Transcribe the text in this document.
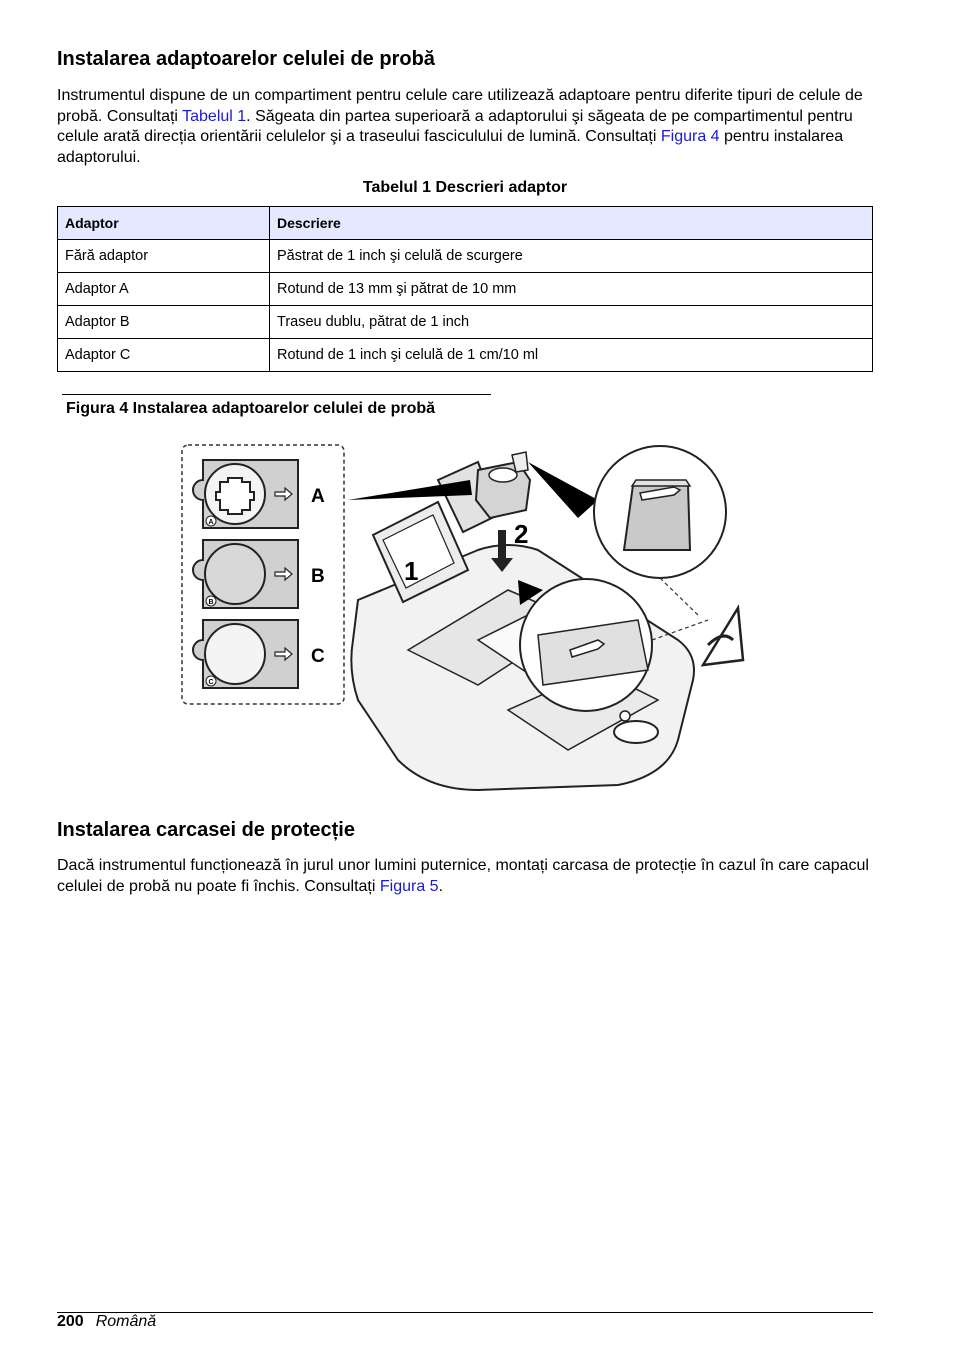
Instalarea adaptoarelor celulei de probă
Instrumentul dispune de un compartiment pentru celule care utilizează adaptoare pentru diferite tipuri de celule de probă. Consultați Tabelul 1. Săgeata din partea superioară a adaptorului şi săgeata de pe compartimentul pentru celule arată direcția orientării celulelor şi a traseului fasciculului de lumină. Consultați Figura 4 pentru instalarea adaptorului.
Tabelul 1 Descrieri adaptor
Adaptor	Descriere
Fără adaptor	Păstrat de 1 inch şi celulă de scurgere
Adaptor A	Rotund de 13 mm şi pătrat de 10 mm
Adaptor B	Traseu dublu, pătrat de 1 inch
Adaptor C	Rotund de 1 inch şi celulă de 1 cm/10 ml
Figura 4 Instalarea adaptoarelor celulei de probă
A
A
B
B
C
C
2
1
Instalarea carcasei de protecție
Dacă instrumentul funcționează în jurul unor lumini puternice, montați carcasa de protecție în cazul în care capacul celulei de probă nu poate fi închis. Consultați Figura 5.
200 Română
